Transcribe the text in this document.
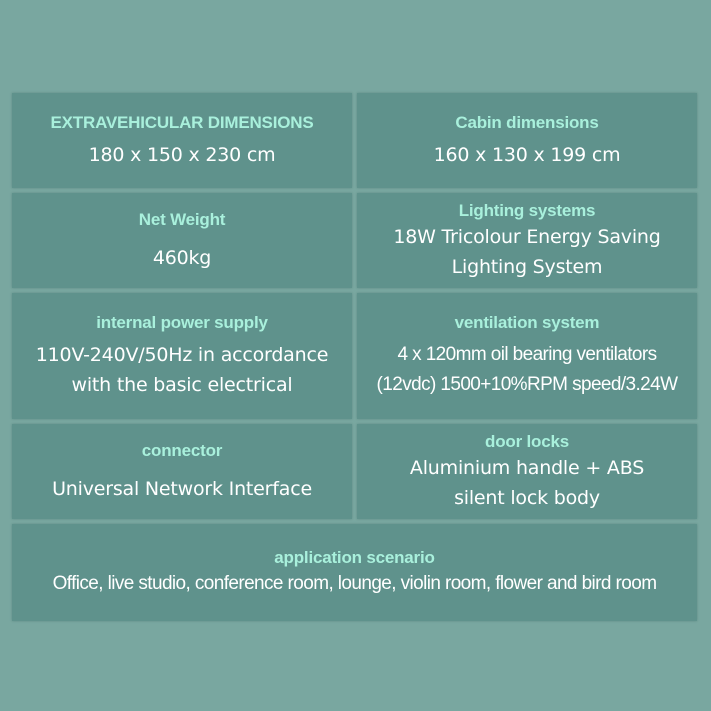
EXTRAVEHICULAR DIMENSIONS
180 x 150 x 230 cm
Cabin dimensions
160 x 130 x 199 cm
Net Weight
460kg
Lighting systems
18W Tricolour Energy Saving
Lighting System
internal power supply
110V-240V/50Hz in accordance
with the basic electrical
ventilation system
4 x 120mm oil bearing ventilators
(12vdc) 1500+10%RPM speed/3.24W
connector
Universal Network Interface
door locks
Aluminium handle + ABS
silent lock body
application scenario
Office, live studio, conference room, lounge, violin room, flower and bird room
